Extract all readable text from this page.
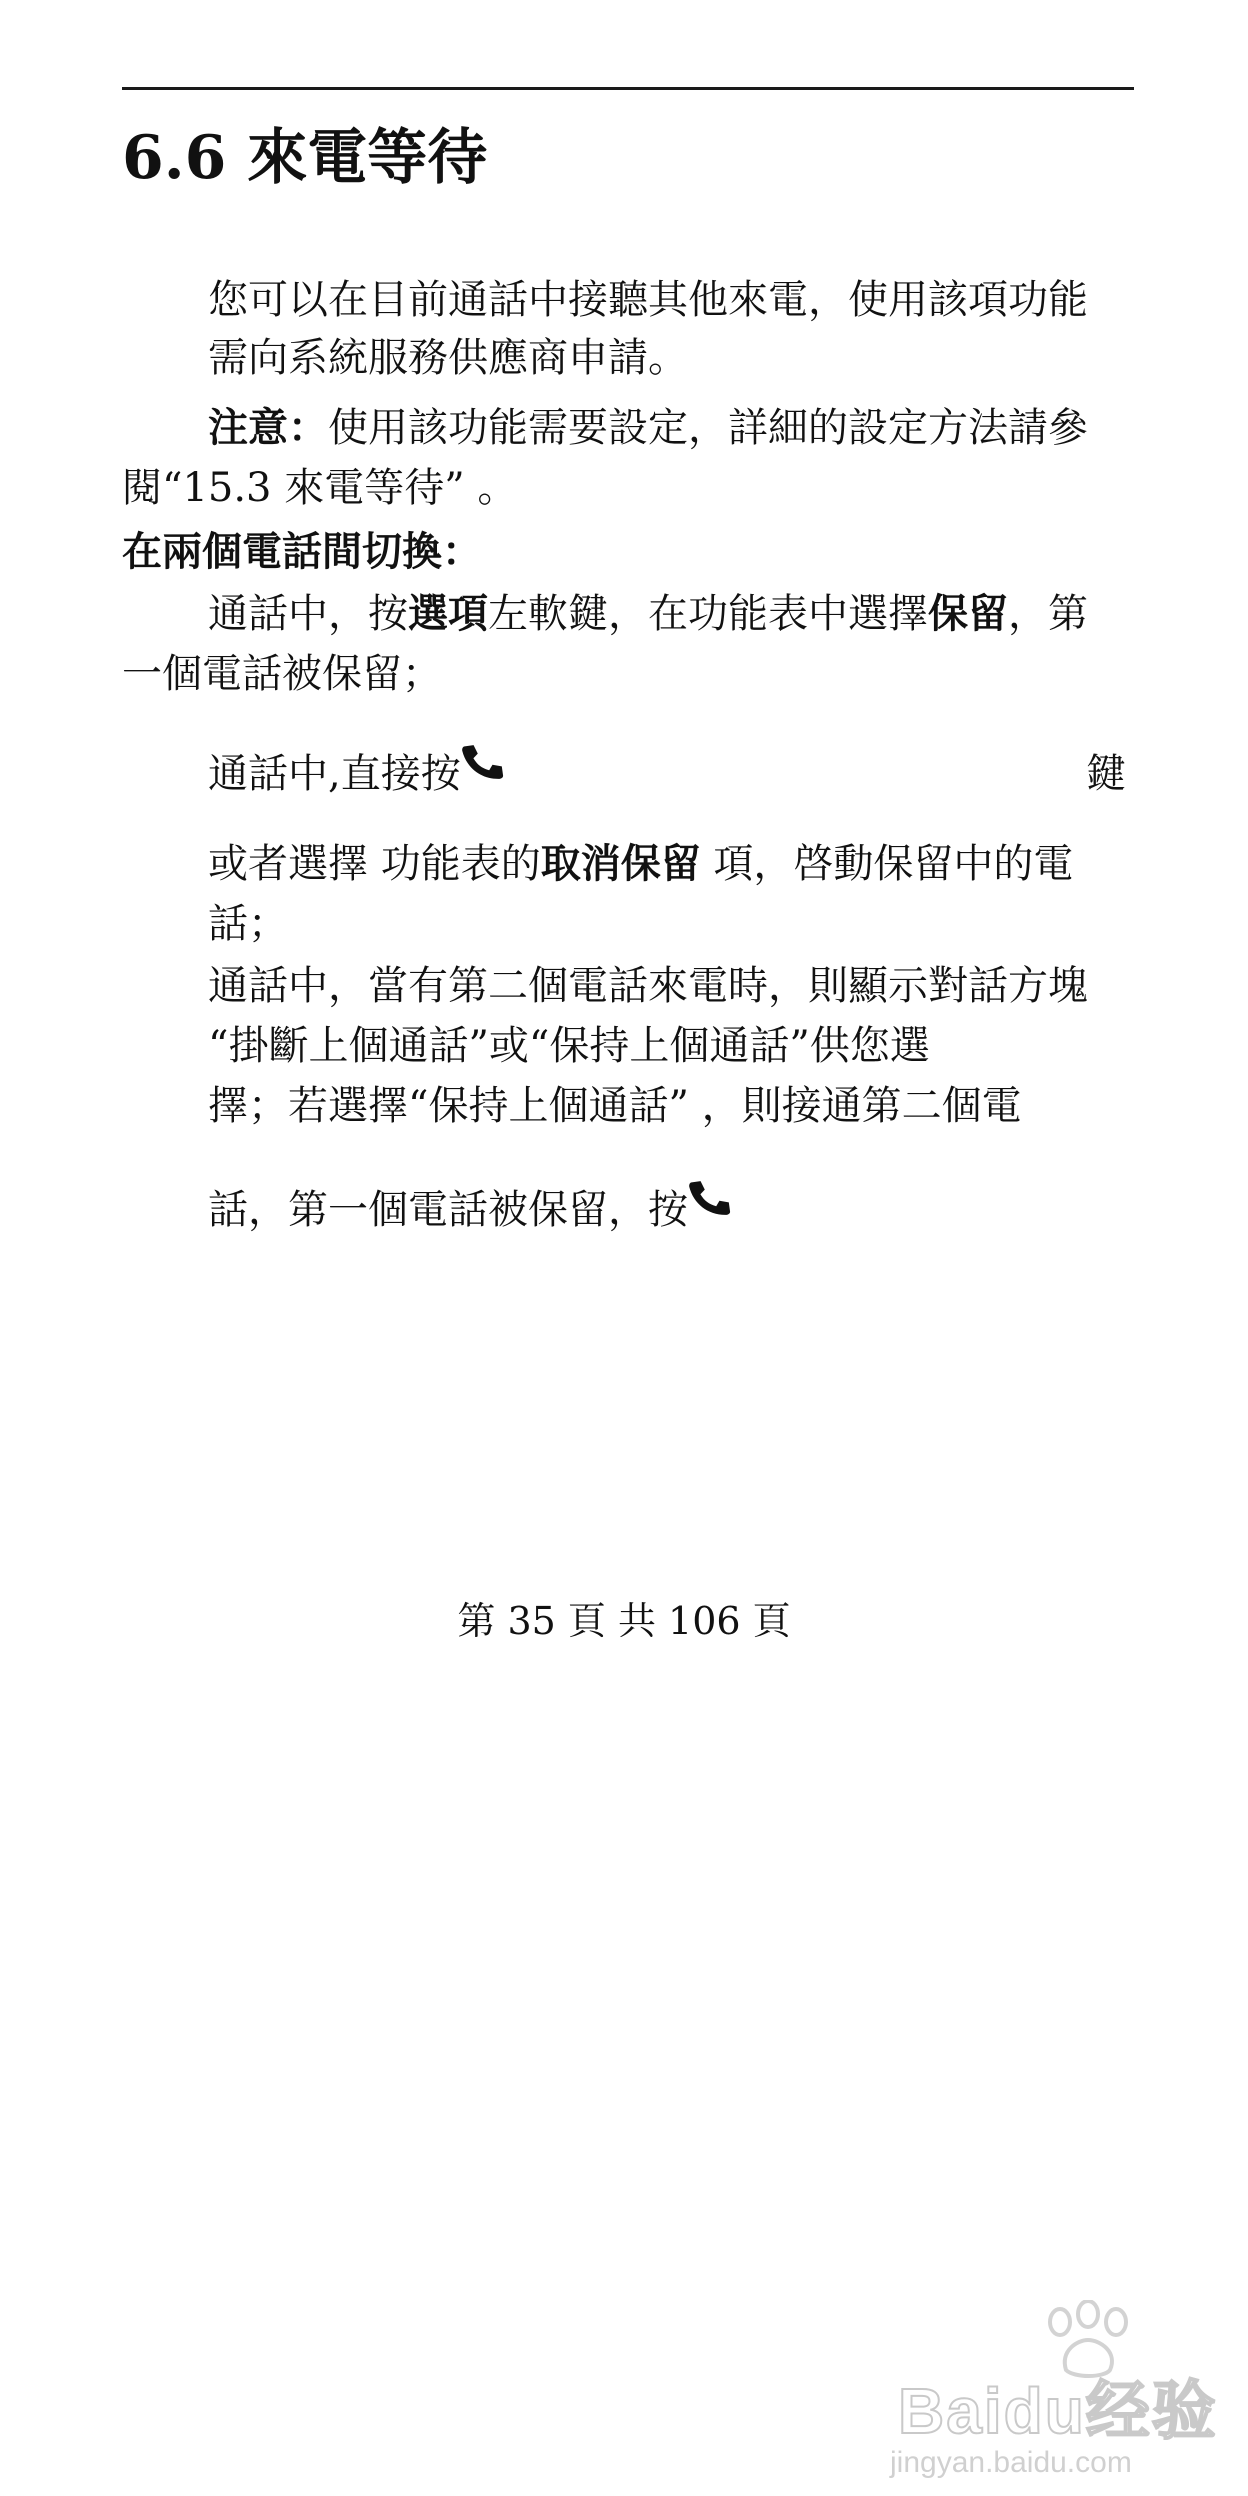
6.6 來電等待
您可以在目前通話中接聽其他來電，使用該項功能
需向系統服務供應商申請。
注意：使用該功能需要設定，詳細的設定方法請參
閱“15.3 來電等待” 。
在兩個電話間切換：
通話中，按選項左軟鍵，在功能表中選擇保留，第
一個電話被保留；
通話中,直接按	鍵
或者選擇 功能表的取消保留 項，啓動保留中的電
話；
通話中，當有第二個電話來電時，則顯示對話方塊
“掛斷上個通話”或“保持上個通話”供您選
擇；若選擇“保持上個通話” ，則接通第二個電
話，第一個電話被保留，按
第 35 頁 共 106 頁
Baidu经验
jingyan.baidu.com
